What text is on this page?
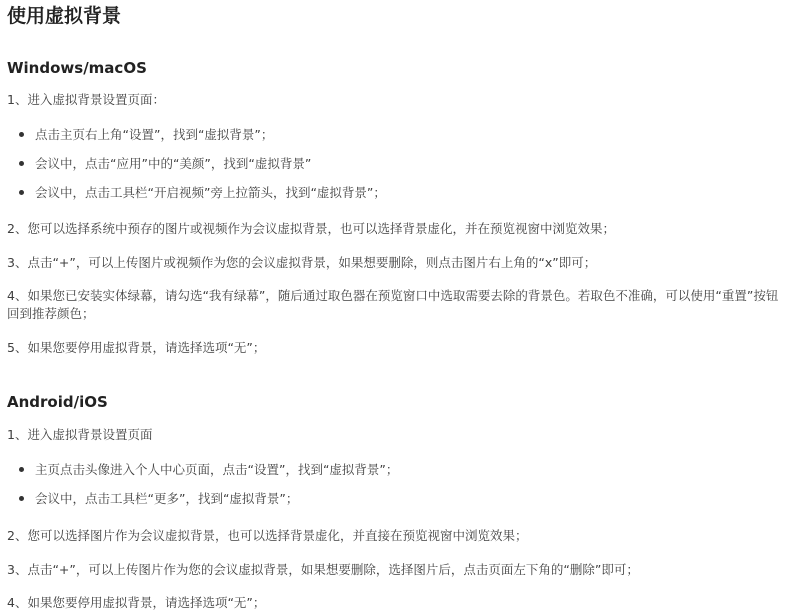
使用虚拟背景
Windows/macOS

1、进入虚拟背景设置页面：

点击主页右上角“设置”，找到“虚拟背景”；

会议中，点击“应用”中的“美颜”，找到“虚拟背景”

会议中，点击工具栏“开启视频”旁上拉箭头，找到“虚拟背景”；

2、您可以选择系统中预存的图片或视频作为会议虚拟背景，也可以选择背景虚化，并在预览视窗中浏览效果；

3、点击“+”，可以上传图片或视频作为您的会议虚拟背景，如果想要删除，则点击图片右上角的“x”即可；

4、如果您已安装实体绿幕，请勾选“我有绿幕”，随后通过取色器在预览窗口中选取需要去除的背景色。若取色不准确，可以使用“重置”按钮回到推荐颜色；

5、如果您要停用虚拟背景，请选择选项“无”；

Android/iOS

1、进入虚拟背景设置页面

主页点击头像进入个人中心页面，点击“设置”，找到“虚拟背景”；

会议中，点击工具栏“更多”，找到“虚拟背景”；

2、您可以选择图片作为会议虚拟背景，也可以选择背景虚化，并直接在预览视窗中浏览效果；

3、点击“+”，可以上传图片作为您的会议虚拟背景，如果想要删除，选择图片后，点击页面左下角的“删除”即可；

4、如果您要停用虚拟背景，请选择选项“无”；
